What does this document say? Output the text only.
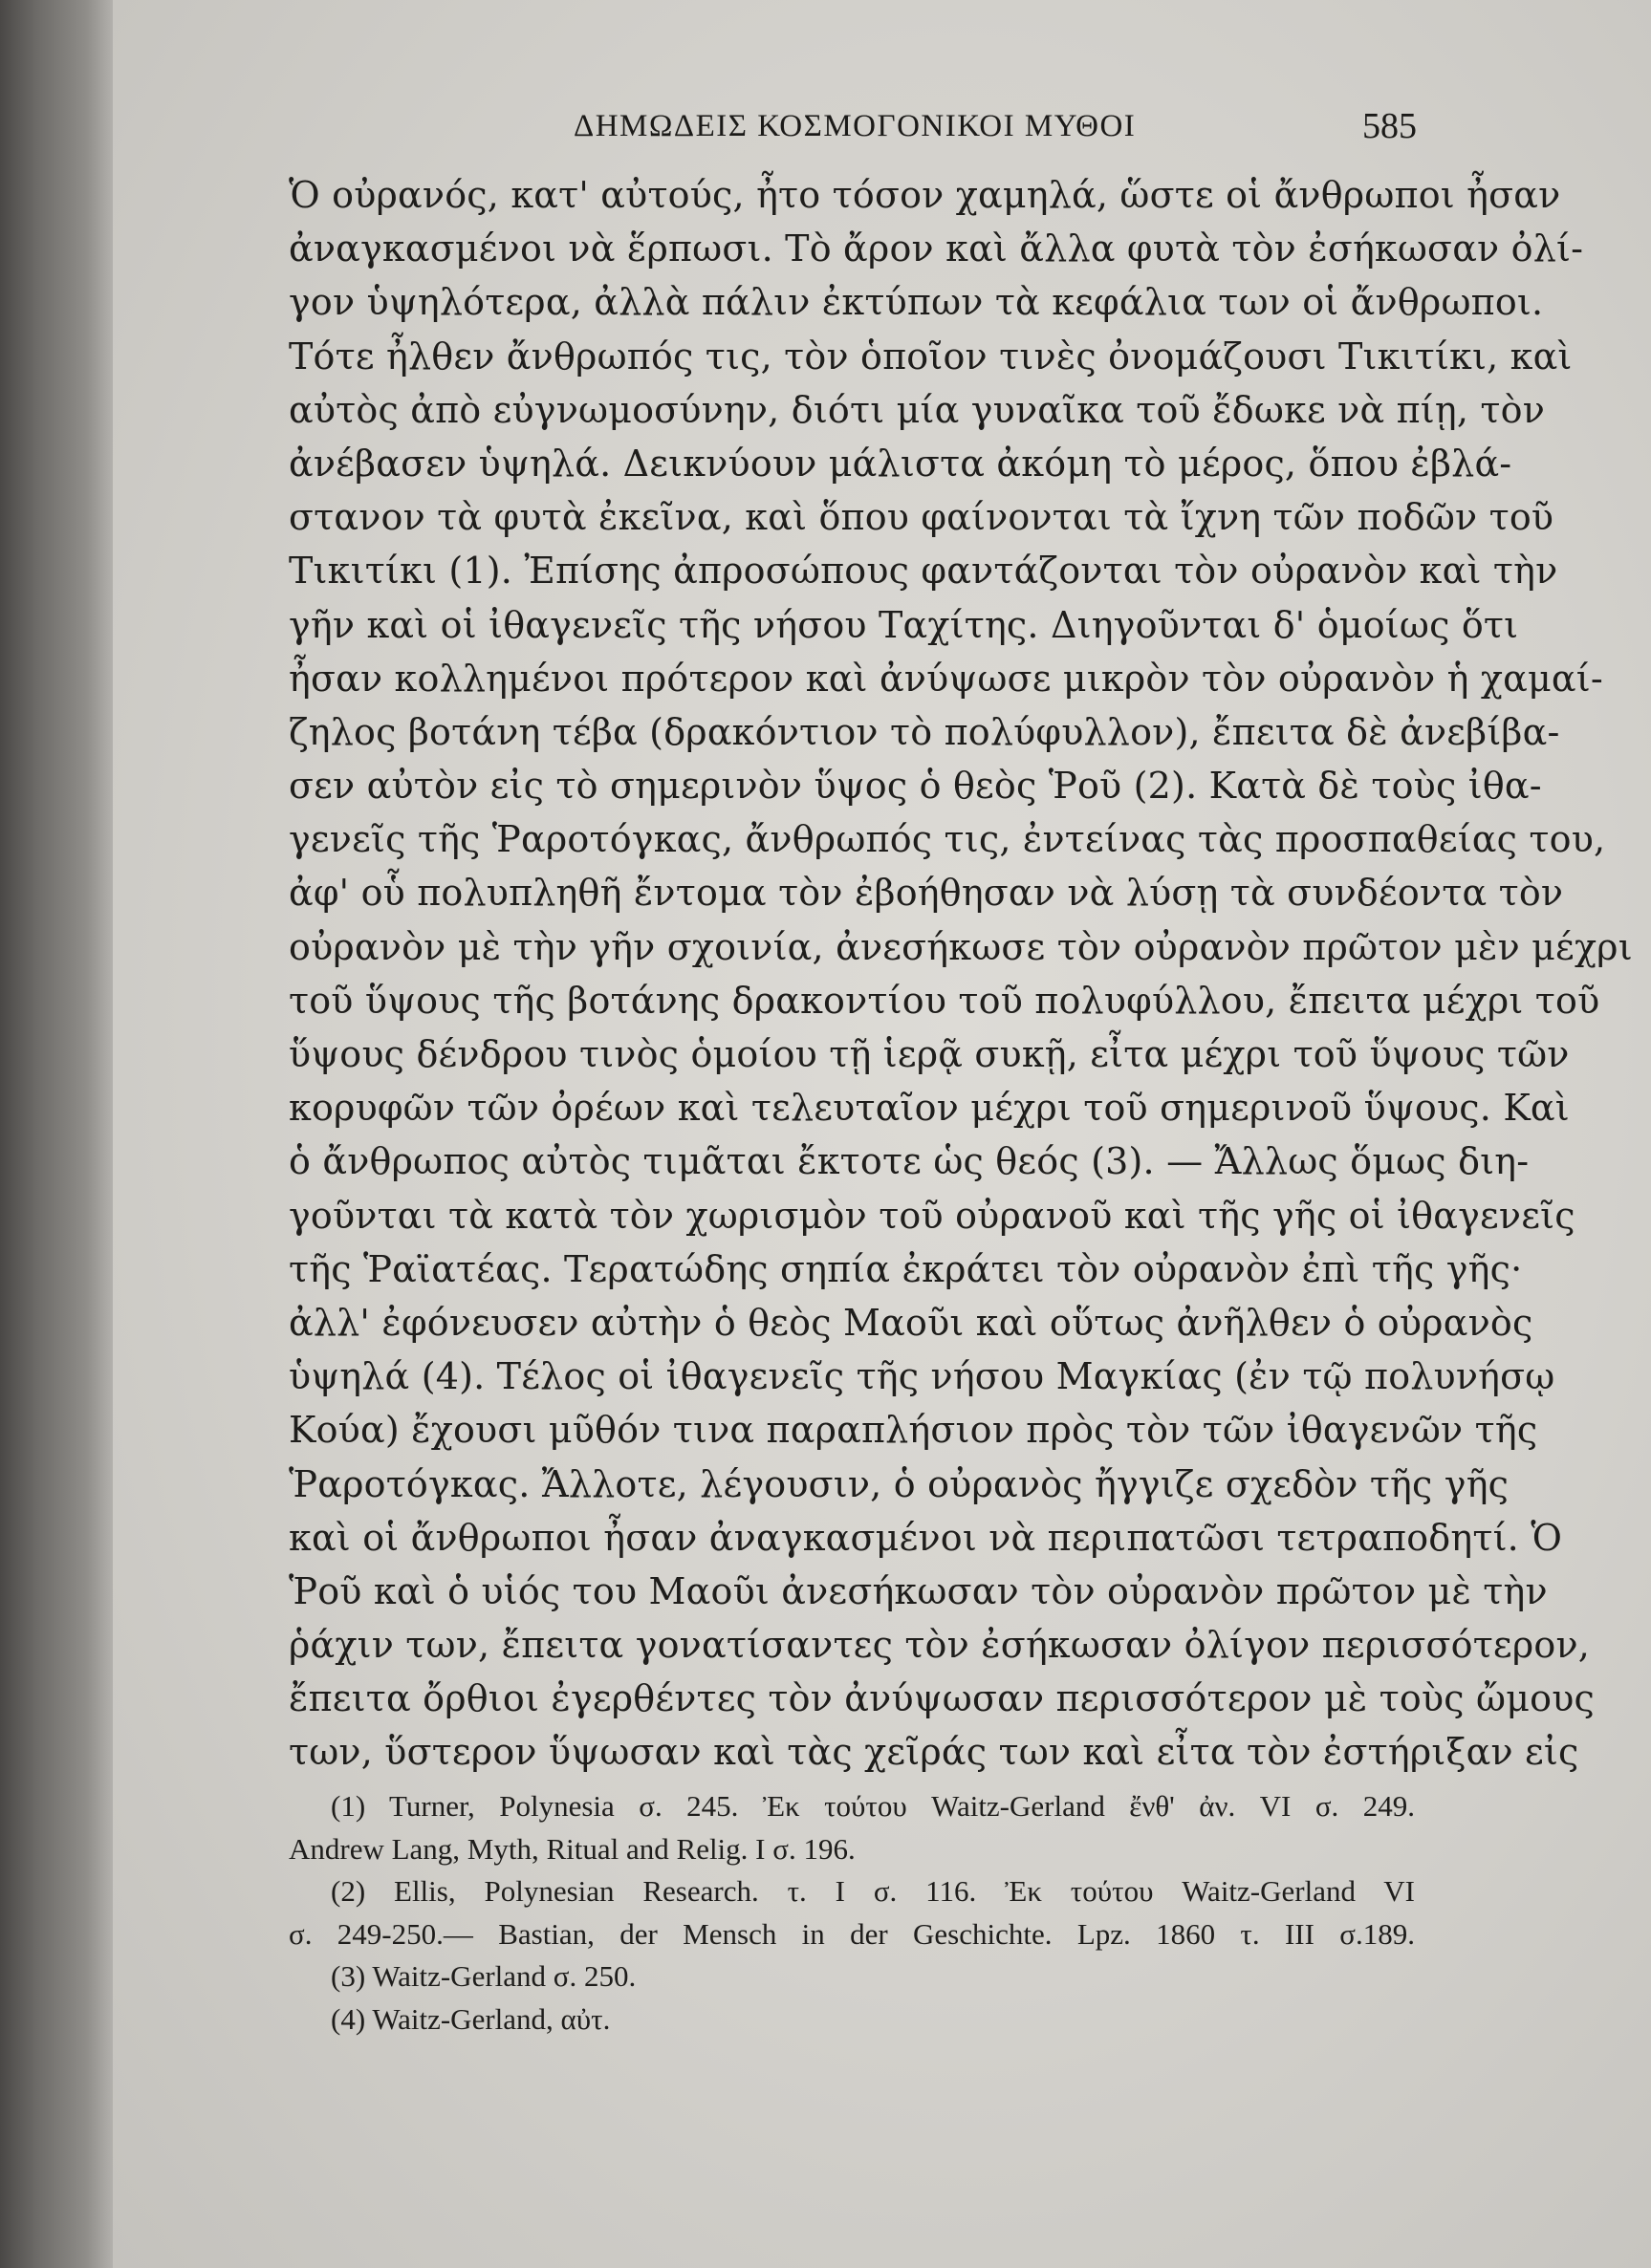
ΔΗΜΩΔΕΙΣ ΚΟΣΜΟΓΟΝΙΚΟΙ ΜΥΘΟΙ	585
Ὁ οὐρανός, κατ' αὐτούς, ἦτο τόσον χαμηλά, ὥστε οἱ ἄνθρωποι ἦσαν
ἀναγκασμένοι νὰ ἕρπωσι. Τὸ ἄρον καὶ ἄλλα φυτὰ τὸν ἐσήκωσαν ὀλί-
γον ὑψηλότερα, ἀλλὰ πάλιν ἐκτύπων τὰ κεφάλια των οἱ ἄνθρωποι.
Τότε ἦλθεν ἄνθρωπός τις, τὸν ὁποῖον τινὲς ὀνομάζουσι Τικιτίκι, καὶ
αὐτὸς ἀπὸ εὐγνωμοσύνην, διότι μία γυναῖκα τοῦ ἔδωκε νὰ πίῃ, τὸν
ἀνέβασεν ὑψηλά. Δεικνύουν μάλιστα ἀκόμη τὸ μέρος, ὅπου ἐβλά-
στανον τὰ φυτὰ ἐκεῖνα, καὶ ὅπου φαίνονται τὰ ἴχνη τῶν ποδῶν τοῦ
Τικιτίκι (1). Ἐπίσης ἀπροσώπους φαντάζονται τὸν οὐρανὸν καὶ τὴν
γῆν καὶ οἱ ἰθαγενεῖς τῆς νήσου Ταχίτης. Διηγοῦνται δ' ὁμοίως ὅτι
ἦσαν κολλημένοι πρότερον καὶ ἀνύψωσε μικρὸν τὸν οὐρανὸν ἡ χαμαί-
ζηλος βοτάνη τέβα (δρακόντιον τὸ πολύφυλλον), ἔπειτα δὲ ἀνεβίβα-
σεν αὐτὸν εἰς τὸ σημερινὸν ὕψος ὁ θεὸς Ῥοῦ (2). Κατὰ δὲ τοὺς ἰθα-
γενεῖς τῆς Ῥαροτόγκας, ἄνθρωπός τις, ἐντείνας τὰς προσπαθείας του,
ἀφ' οὗ πολυπληθῆ ἔντομα τὸν ἐβοήθησαν νὰ λύσῃ τὰ συνδέοντα τὸν
οὐρανὸν μὲ τὴν γῆν σχοινία, ἀνεσήκωσε τὸν οὐρανὸν πρῶτον μὲν μέχρι
τοῦ ὕψους τῆς βοτάνης δρακοντίου τοῦ πολυφύλλου, ἔπειτα μέχρι τοῦ
ὕψους δένδρου τινὸς ὁμοίου τῇ ἱερᾷ συκῇ, εἶτα μέχρι τοῦ ὕψους τῶν
κορυφῶν τῶν ὀρέων καὶ τελευταῖον μέχρι τοῦ σημερινοῦ ὕψους. Καὶ
ὁ ἄνθρωπος αὐτὸς τιμᾶται ἔκτοτε ὡς θεός (3). — Ἄλλως ὅμως διη-
γοῦνται τὰ κατὰ τὸν χωρισμὸν τοῦ οὐρανοῦ καὶ τῆς γῆς οἱ ἰθαγενεῖς
τῆς Ῥαϊατέας. Τερατώδης σηπία ἐκράτει τὸν οὐρανὸν ἐπὶ τῆς γῆς·
ἀλλ' ἐφόνευσεν αὐτὴν ὁ θεὸς Μαοῦι καὶ οὕτως ἀνῆλθεν ὁ οὐρανὸς
ὑψηλά (4). Τέλος οἱ ἰθαγενεῖς τῆς νήσου Μαγκίας (ἐν τῷ πολυνήσῳ
Κούα) ἔχουσι μῦθόν τινα παραπλήσιον πρὸς τὸν τῶν ἰθαγενῶν τῆς
Ῥαροτόγκας. Ἄλλοτε, λέγουσιν, ὁ οὐρανὸς ἤγγιζε σχεδὸν τῆς γῆς
καὶ οἱ ἄνθρωποι ἦσαν ἀναγκασμένοι νὰ περιπατῶσι τετραποδητί. Ὁ
Ῥοῦ καὶ ὁ υἱός του Μαοῦι ἀνεσήκωσαν τὸν οὐρανὸν πρῶτον μὲ τὴν
ῥάχιν των, ἔπειτα γονατίσαντες τὸν ἐσήκωσαν ὀλίγον περισσότερον,
ἔπειτα ὄρθιοι ἐγερθέντες τὸν ἀνύψωσαν περισσότερον μὲ τοὺς ὤμους
των, ὕστερον ὕψωσαν καὶ τὰς χεῖράς των καὶ εἶτα τὸν ἐστήριξαν εἰς
(1) Turner, Polynesia σ. 245. Ἐκ τούτου Waitz-Gerland ἔνθ' ἀν. VI σ. 249.
Andrew Lang, Myth, Ritual and Relig. I σ. 196.
(2) Ellis, Polynesian Research. τ. I σ. 116. Ἐκ τούτου Waitz-Gerland VI
σ. 249-250.— Bastian, der Mensch in der Geschichte. Lpz. 1860 τ. III σ.189.
(3) Waitz-Gerland σ. 250.
(4) Waitz-Gerland, αὐτ.
